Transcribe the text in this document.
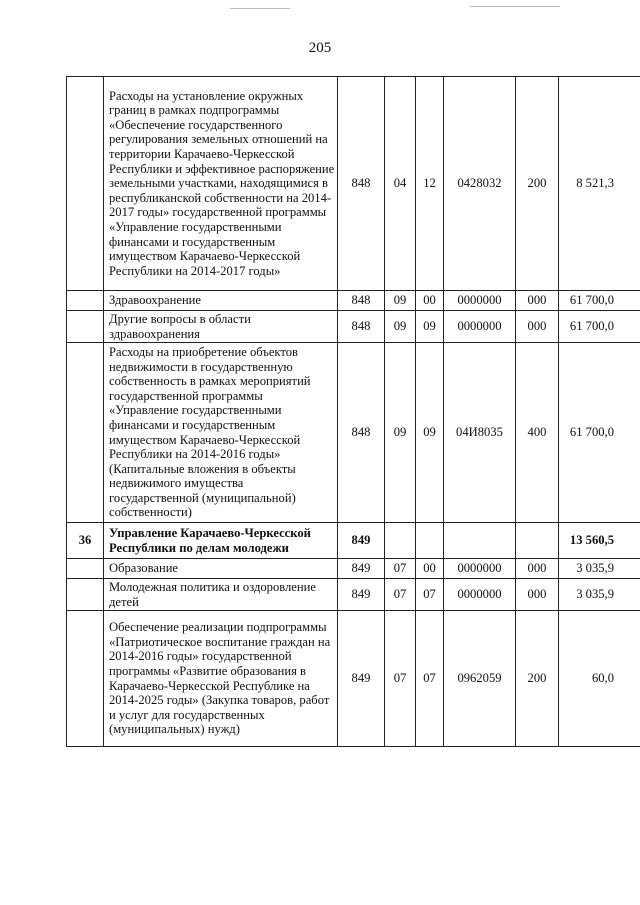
205
	Расходы на установление окружных границ в рамках подпрограммы «Обеспечение государственного регулирования земельных отношений на территории Карачаево-Черкесской Республики и эффективное распоряжение земельными участками, находящимися в республиканской собственности на 2014-2017 годы» государственной программы «Управление государственными финансами и государственным имуществом Карачаево-Черкесской Республики на 2014-2017 годы»	848	04	12	0428032	200	8 521,3
	Здравоохранение	848	09	00	0000000	000	61 700,0
	Другие вопросы в области здравоохранения	848	09	09	0000000	000	61 700,0
	Расходы на приобретение объектов недвижимости в государственную собственность в рамках мероприятий государственной программы «Управление государственными финансами и государственным имуществом Карачаево-Черкесской Республики на 2014-2016 годы» (Капитальные вложения в объекты недвижимого имущества государственной (муниципальной) собственности)	848	09	09	04И8035	400	61 700,0
36	Управление Карачаево-Черкесской Республики по делам молодежи	849					13 560,5
	Образование	849	07	00	0000000	000	3 035,9
	Молодежная политика и оздоровление детей	849	07	07	0000000	000	3 035,9
	Обеспечение реализации подпрограммы «Патриотическое воспитание граждан на 2014-2016 годы» государственной программы «Развитие образования в Карачаево-Черкесской Республике на 2014-2025 годы» (Закупка товаров, работ и услуг для государственных (муниципальных) нужд)	849	07	07	0962059	200	60,0
